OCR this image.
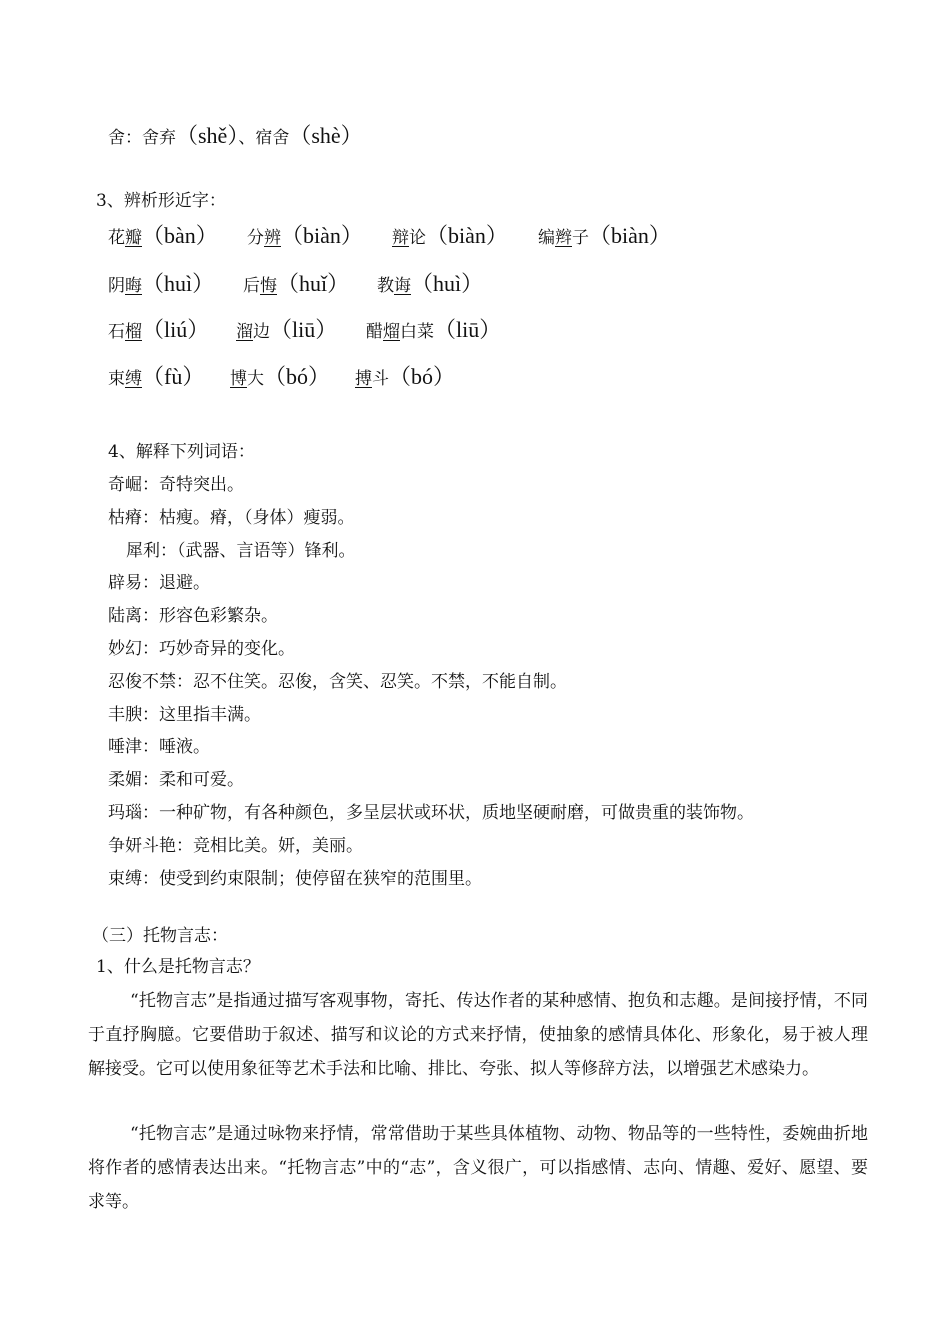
舍：舍弃（shě）、宿舍（shè）
3、辨析形近字：
花瓣（bàn） 分辨（biàn） 辩论（biàn） 编辫子（biàn）
阴晦（huì） 后悔（huǐ） 教诲（huì）
石榴（liú） 溜边（liū） 醋熘白菜（liū）
束缚（fù） 博大（bó） 搏斗（bó）
4、解释下列词语：
奇崛：奇特突出。
枯瘠：枯瘦。瘠，（身体）瘦弱。
犀利：（武器、言语等）锋利。
辟易：退避。
陆离：形容色彩繁杂。
妙幻：巧妙奇异的变化。
忍俊不禁：忍不住笑。忍俊，含笑、忍笑。不禁，不能自制。
丰腴：这里指丰满。
唾津：唾液。
柔媚：柔和可爱。
玛瑙：一种矿物，有各种颜色，多呈层状或环状，质地坚硬耐磨，可做贵重的装饰物。
争妍斗艳：竞相比美。妍，美丽。
束缚：使受到约束限制；使停留在狭窄的范围里。
（三）托物言志：
1、什么是托物言志？
“托物言志”是指通过描写客观事物，寄托、传达作者的某种感情、抱负和志趣。是间接抒情，不同于直抒胸臆。它要借助于叙述、描写和议论的方式来抒情，使抽象的感情具体化、形象化，易于被人理解接受。它可以使用象征等艺术手法和比喻、排比、夸张、拟人等修辞方法，以增强艺术感染力。
“托物言志”是通过咏物来抒情，常常借助于某些具体植物、动物、物品等的一些特性，委婉曲折地将作者的感情表达出来。“托物言志”中的“志”，含义很广，可以指感情、志向、情趣、爱好、愿望、要求等。
